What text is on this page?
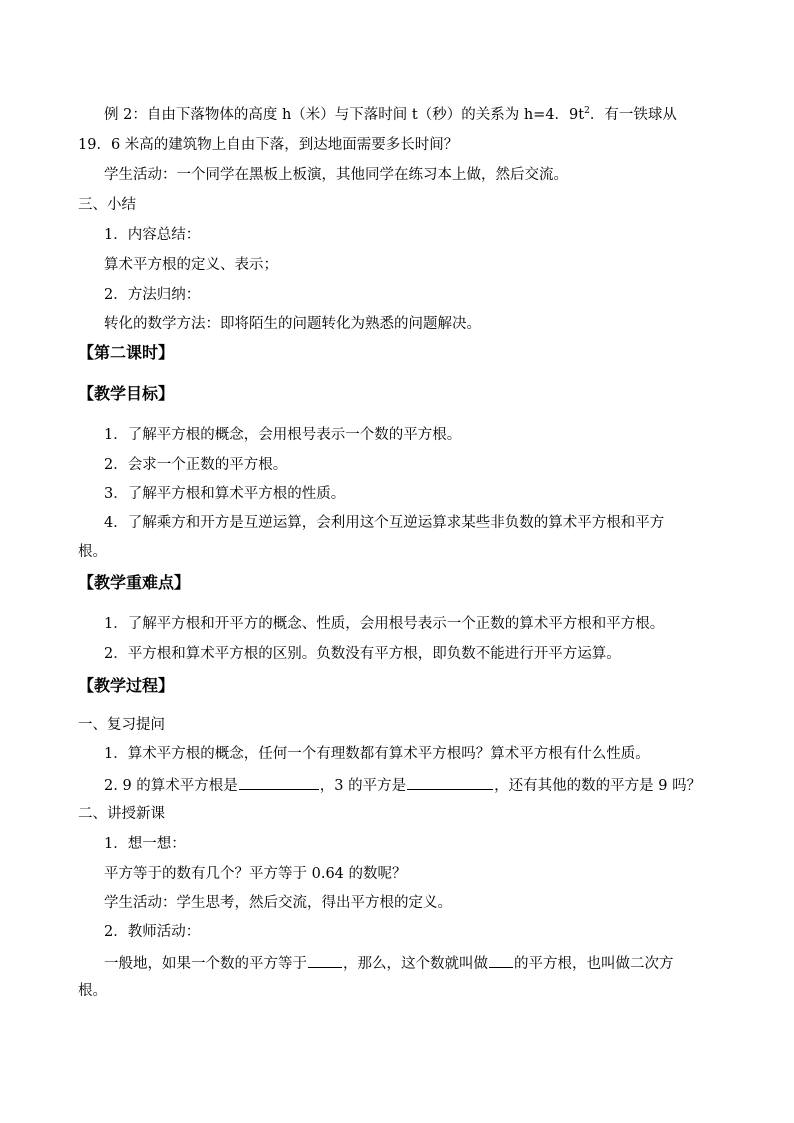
例 2：自由下落物体的高度 h（米）与下落时间 t（秒）的关系为 h=4．$9t^2$．有一铁球从
19．6 米高的建筑物上自由下落，到达地面需要多长时间？
学生活动：一个同学在黑板上板演，其他同学在练习本上做，然后交流。
三、小结
1．内容总结：
算术平方根的定义、表示；
2．方法归纳：
转化的数学方法：即将陌生的问题转化为熟悉的问题解决。
【第二课时】
【教学目标】
1．了解平方根的概念，会用根号表示一个数的平方根。
2．会求一个正数的平方根。
3．了解平方根和算术平方根的性质。
4．了解乘方和开方是互逆运算，会利用这个互逆运算求某些非负数的算术平方根和平方
根。
【教学重难点】
1．了解平方根和开平方的概念、性质，会用根号表示一个正数的算术平方根和平方根。
2．平方根和算术平方根的区别。负数没有平方根，即负数不能进行开平方运算。
【教学过程】
一、复习提问
1．算术平方根的概念，任何一个有理数都有算术平方根吗？算术平方根有什么性质。
2. 9 的算术平方根是	，3 的平方是	，还有其他的数的平方是 9 吗？
二、讲授新课
1．想一想：
平方等于的数有几个？平方等于 0.64 的数呢？
学生活动：学生思考，然后交流，得出平方根的定义。
2．教师活动：
一般地，如果一个数的平方等于 ，那么，这个数就叫做 的平方根，也叫做二次方
根。
